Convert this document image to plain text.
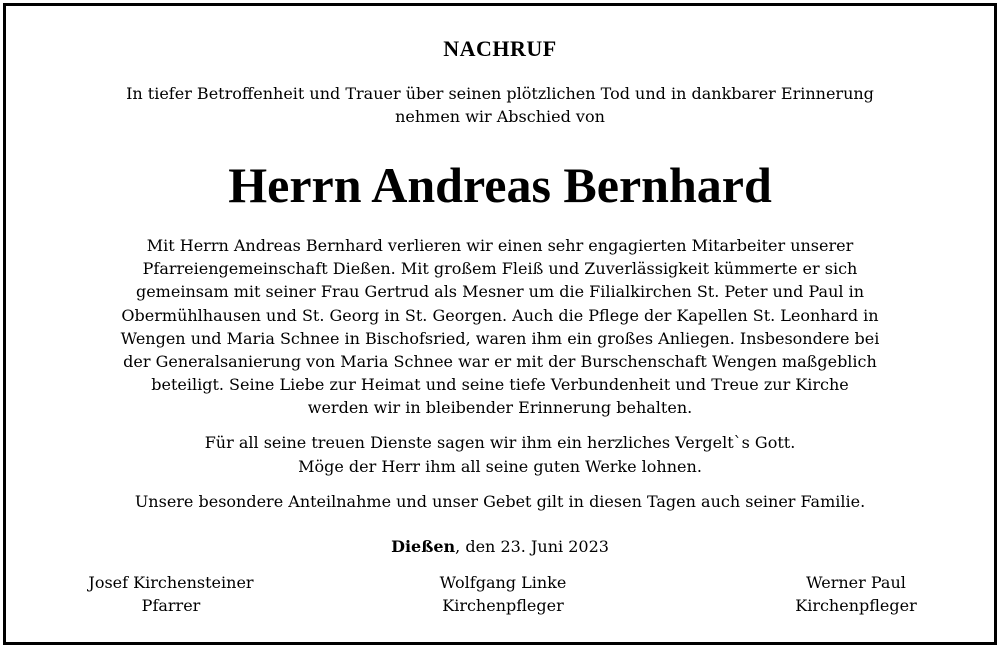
NACHRUF
In tiefer Betroffenheit und Trauer über seinen plötzlichen Tod und in dankbarer Erinnerung
nehmen wir Abschied von
Herrn Andreas Bernhard
Mit Herrn Andreas Bernhard verlieren wir einen sehr engagierten Mitarbeiter unserer
Pfarreiengemeinschaft Dießen. Mit großem Fleiß und Zuverlässigkeit kümmerte er sich
gemeinsam mit seiner Frau Gertrud als Mesner um die Filialkirchen St. Peter und Paul in
Obermühlhausen und St. Georg in St. Georgen. Auch die Pflege der Kapellen St. Leonhard in
Wengen und Maria Schnee in Bischofsried, waren ihm ein großes Anliegen. Insbesondere bei
der Generalsanierung von Maria Schnee war er mit der Burschenschaft Wengen maßgeblich
beteiligt. Seine Liebe zur Heimat und seine tiefe Verbundenheit und Treue zur Kirche
werden wir in bleibender Erinnerung behalten.
Für all seine treuen Dienste sagen wir ihm ein herzliches Vergelt`s Gott.
Möge der Herr ihm all seine guten Werke lohnen.
Unsere besondere Anteilnahme und unser Gebet gilt in diesen Tagen auch seiner Familie.
Dießen, den 23. Juni 2023
Josef Kirchensteiner
Pfarrer
Wolfgang Linke
Kirchenpfleger
Werner Paul
Kirchenpfleger
